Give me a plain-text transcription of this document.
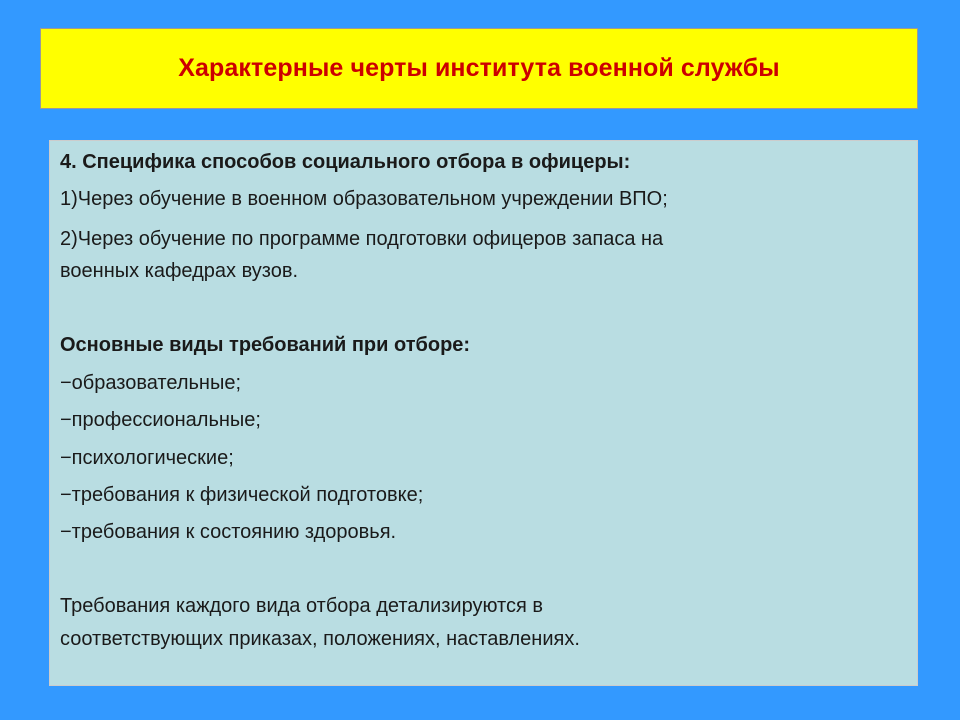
Характерные черты института военной службы
4. Специфика способов социального отбора в офицеры:
1)Через обучение в военном образовательном учреждении ВПО;
2)Через обучение по программе подготовки офицеров запаса на
военных кафедрах вузов.
Основные виды требований при отборе:
−образовательные;
−профессиональные;
−психологические;
−требования к физической подготовке;
−требования к состоянию здоровья.
Требования каждого вида отбора детализируются в
соответствующих приказах, положениях, наставлениях.
